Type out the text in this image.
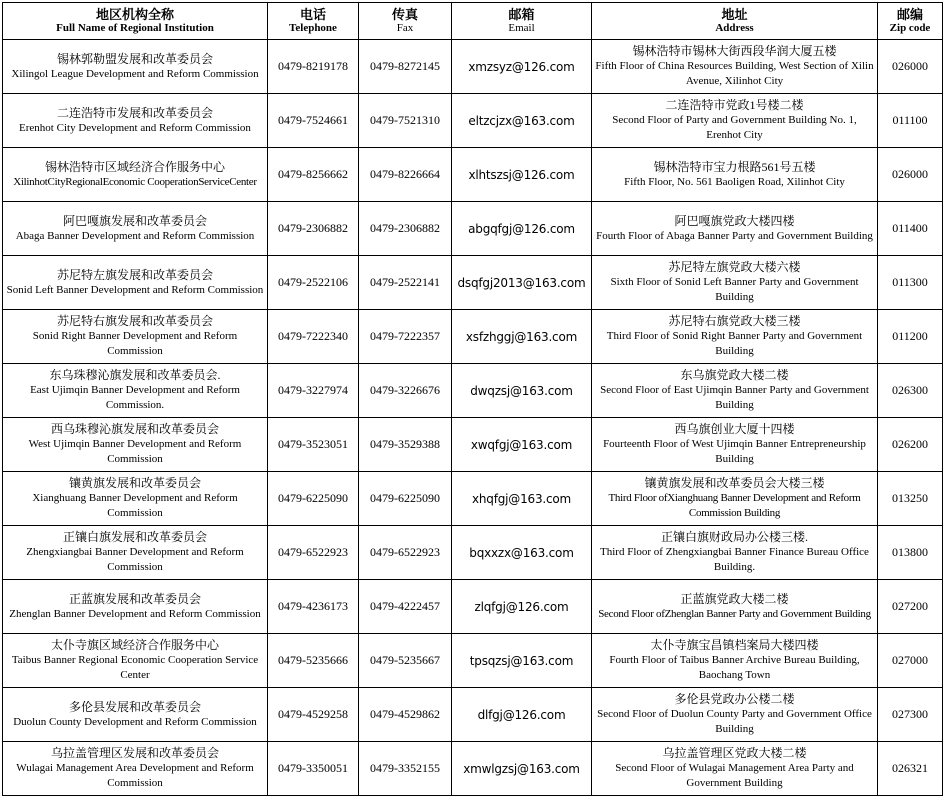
地区机构全称
Full Name of Regional Institution	电话
Telephone	传真
Fax	邮箱
Email	地址
Address	邮编
Zip code

锡林郭勒盟发展和改革委员会
Xilingol League Development and Reform Commission	0479-8219178	0479-8272145	xmzsyz@126.com	锡林浩特市锡林大街西段华润大厦五楼
Fifth Floor of China Resources Building, West Section of Xilin Avenue, Xilinhot City	026000

二连浩特市发展和改革委员会
Erenhot City Development and Reform Commission	0479-7524661	0479-7521310	eltzcjzx@163.com	二连浩特市党政1号楼二楼
Second Floor of Party and Government Building No. 1, Erenhot City	011100

锡林浩特市区域经济合作服务中心
XilinhotCityRegionalEconomic CooperationServiceCenter	0479-8256662	0479-8226664	xlhtszsj@126.com	锡林浩特市宝力根路561号五楼
Fifth Floor, No. 561 Baoligen Road, Xilinhot City	026000

阿巴嘎旗发展和改革委员会
Abaga Banner Development and Reform Commission	0479-2306882	0479-2306882	abgqfgj@126.com	阿巴嘎旗党政大楼四楼
Fourth Floor of Abaga Banner Party and Government Building	011400

苏尼特左旗发展和改革委员会
Sonid Left Banner Development and Reform Commission	0479-2522106	0479-2522141	dsqfgj2013@163.com	苏尼特左旗党政大楼六楼
Sixth Floor of Sonid Left Banner Party and Government Building	011300

苏尼特右旗发展和改革委员会
Sonid Right Banner Development and Reform Commission	0479-7222340	0479-7222357	xsfzhggj@163.com	苏尼特右旗党政大楼三楼
Third Floor of Sonid Right Banner Party and Government Building	011200

东乌珠穆沁旗发展和改革委员会.
East Ujimqin Banner Development and Reform Commission.	0479-3227974	0479-3226676	dwqzsj@163.com	东乌旗党政大楼二楼
Second Floor of East Ujimqin Banner Party and Government Building	026300

西乌珠穆沁旗发展和改革委员会
West Ujimqin Banner Development and Reform Commission	0479-3523051	0479-3529388	xwqfgj@163.com	西乌旗创业大厦十四楼
Fourteenth Floor of West Ujimqin Banner Entrepreneurship Building	026200

镶黄旗发展和改革委员会
Xianghuang Banner Development and Reform Commission	0479-6225090	0479-6225090	xhqfgj@163.com	镶黄旗发展和改革委员会大楼三楼
Third Floor ofXianghuang Banner Development and Reform Commission Building	013250

正镶白旗发展和改革委员会
Zhengxiangbai Banner Development and Reform Commission	0479-6522923	0479-6522923	bqxxzx@163.com	正镶白旗财政局办公楼三楼.
Third Floor of Zhengxiangbai Banner Finance Bureau Office Building.	013800

正蓝旗发展和改革委员会
Zhenglan Banner Development and Reform Commission	0479-4236173	0479-4222457	zlqfgj@126.com	正蓝旗党政大楼二楼
Second Floor ofZhenglan Banner Party and Government Building	027200

太仆寺旗区域经济合作服务中心
Taibus Banner Regional Economic Cooperation Service Center	0479-5235666	0479-5235667	tpsqzsj@163.com	太仆寺旗宝昌镇档案局大楼四楼
Fourth Floor of Taibus Banner Archive Bureau Building, Baochang Town	027000

多伦县发展和改革委员会
Duolun County Development and Reform Commission	0479-4529258	0479-4529862	dlfgj@126.com	多伦县党政办公楼二楼
Second Floor of Duolun County Party and Government Office Building	027300

乌拉盖管理区发展和改革委员会
Wulagai Management Area Development and Reform Commission	0479-3350051	0479-3352155	xmwlgzsj@163.com	乌拉盖管理区党政大楼二楼
Second Floor of Wulagai Management Area Party and Government Building	026321
